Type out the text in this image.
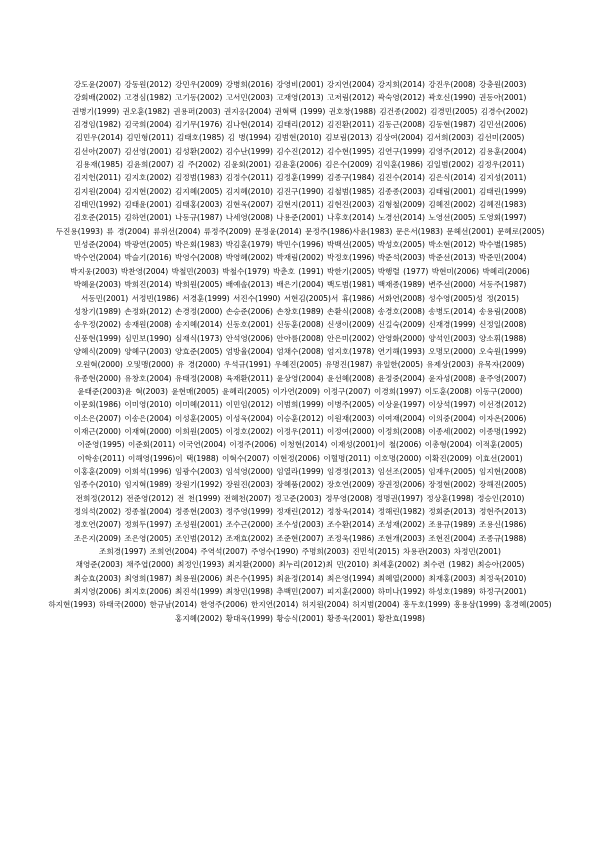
강도윤(2007) 강동원(2012) 강민우(2009) 강병희(2016) 강영비(2001) 강지연(2004) 강지희(2014) 강진우(2008) 강충원(2003)
강회배(2002) 고경심(1982) 고기동(2002) 고서민(2003) 고재영(2013) 고저림(2012) 곽숙영(2012) 곽호신(1990) 권동아(2001)
권병기(1999) 권오훈(1982) 권용퍼(2003) 권지옹(2004) 권혁택 (1999) 권호창(1988) 김건종(2002) 김경민(2005) 김경수(2002)
김경임(1982) 김국희(2004) 김기무(1976) 김나현(2014) 김태리(2012) 김진환(2011) 김동근(2008) 김동현(1987) 김민선(2006)
김민우(2014) 김민형(2011) 김태호(1985) 김 병(1994) 김범현(2010) 김보림(2013) 김상여(2004) 김서희(2003) 김선미(2005)
김선아(2007) 김선영(2001) 김성환(2002) 김수난(1999) 김수진(2012) 김수현(1995) 김연구(1999) 김영주(2012) 김용훈(2004)
김용재(1985) 김윤희(2007) 김 주(2002) 김윤회(2001) 김윤훈(2006) 김은수(2009) 김익훈(1986) 김일범(2002) 김정우(2011)
김지헌(2011) 김지호(2002) 김정범(1983) 김정수(2011) 김정훈(1999) 김종구(1984) 김진수(2014) 김은식(2014) 김지성(2011)
김지원(2004) 김지현(2002) 김지혜(2005) 김지혜(2010) 김진구(1990) 김철범(1985) 김종종(2003) 김태림(2001) 김태린(1999)
김태민(1992) 김태윤(2001) 김태홍(2003) 김현욱(2007) 김현지(2011) 김현진(2003) 김형철(2009) 김혜진(2002) 김혜진(1983)
김호준(2015) 김하연(2001) 나동규(1987) 나세영(2008) 나용준(2001) 나후호(2014) 노경선(2014) 노영선(2005) 도영회(1997)
두진용(1993) 류 경(2004) 류위선(2004) 류정주(2009) 문정윤(2014) 문정주(1986)사윤(1983) 문은서(1983) 문헤선(2001) 문혜로(2005)
민성준(2004) 박광연(2005) 박은회(1983) 박김훈(1979) 박민수(1996) 박백선(2005) 박성호(2005) 박소현(2012) 박수별(1985)
박수연(2004) 박슬기(2016) 박영수(2008) 박영혜(2002) 박재림(2002) 박정호(1996) 박준석(2003) 박준선(2013) 박준민(2004)
박지웅(2003) 박찬영(2004) 박철민(2003) 박철수(1979) 박춘호 (1991) 박한기(2005) 박행렬 (1977) 박현미(2006) 박혜리(2006)
박혜윤(2003) 박희진(2014) 박희원(2005) 배예솔(2013) 배은기(2004) 백도범(1981) 백재종(1989) 변주선(2000) 서동주(1987)
서동민(2001) 서정빈(1986) 서경훈(1999) 서진수(1990) 서현김(2005)서 휴(1986) 서화연(2008) 성수영(2005)성 정(2015)
성창기(1989) 손정화(2012) 손경정(2000) 손승준(2006) 손창호(1989) 손환식(2008) 송경호(2008) 송병도(2014) 송용림(2008)
송우정(2002) 송재원(2008) 송지혜(2014) 신동호(2001) 신동훈(2008) 신생이(2009) 신길숙(2009) 신재경(1999) 신정일(2008)
신풍현(1999) 심민보(1990) 심재식(1973) 안석영(2006) 안아름(2008) 안은미(2002) 안영화(2000) 양석인(2003) 양소휘(1988)
양혜식(2009) 양혜구(2003) 양효준(2005) 엄방율(2004) 엄채수(2008) 엄지호(1978) 연기해(1993) 오명모(2000) 오숙원(1999)
오원혁(2000) 오및맹(2000) 유 경(2000) 우석규(1991) 우혜진(2005) 유명진(1987) 유일한(2005) 유제상(2003) 유목자(2009)
유종현(2000) 유창호(2004) 유태정(2008) 육재환(2011) 윤상영(2004) 윤선혜(2008) 윤정중(2004) 윤자성(2008) 윤주영(2007)
윤태준(2003)윤 혁(2003) 윤현매(2005) 윤혜리(2005) 이가연(2009) 이정구(2007) 이경희(1997) 이도훈(2008) 이동구(2000)
이문회(1986) 이미영(2010) 이미혜(2011) 이민임(2012) 이범희(1999) 이병주(2005) 이상윤(1997) 이상석(1997) 이선경(2012)
이소은(2007) 이송은(2004) 이성훈(2005) 이성욱(2004) 이승훈(2012) 이원재(2003) 이여재(2004) 이의중(2004) 이자온(2006)
이재근(2000) 이재혁(2000) 이희원(2005) 이정호(2002) 이정우(2011) 이정여(2000) 이정희(2008) 이종세(2002) 이종명(1992)
이준영(1995) 이준회(2011) 이국연(2004) 이정주(2006) 이청현(2014) 이재성(2001)이 철(2006) 이총형(2004) 이적훈(2005)
이학송(2011) 이해영(1996)이 택(1988) 이혁수(2007) 이현정(2006) 이혈명(2011) 이호명(2000) 이확진(2009) 이효선(2001)
이홍훈(2009) 이희석(1996) 임광수(2003) 임석영(2000) 임열라(1999) 임경정(2013) 임선조(2005) 임재우(2005) 임지현(2008)
임종수(2010) 임지혁(1989) 장원기(1992) 장원진(2003) 장혜품(2002) 장호연(2009) 장권정(2006) 장정현(2002) 장해진(2005)
전희정(2012) 전준영(2012) 전 천(1999) 전혜천(2007) 정고준(2003) 정무영(2008) 정명권(1997) 정상훈(1998) 정승인(2010)
정의석(2002) 정종철(2004) 정종현(2003) 정주영(1999) 정재린(2012) 정창욱(2014) 정해린(1982) 정회준(2013) 정현주(2013)
정호연(2007) 정희두(1997) 조성원(2001) 조수근(2000) 조수성(2003) 조수환(2014) 조성재(2002) 조용규(1989) 조용신(1986)
조은지(2009) 조은영(2005) 조인범(2012) 조재효(2002) 조준현(2007) 조정욱(1986) 조현개(2003) 조현진(2004) 조종규(1988)
조희경(1997) 조희연(2004) 주역석(2007) 주영수(1990) 주명희(2003) 진민석(2015) 차용관(2003) 차정민(2001)
채영준(2003) 채주엽(2000) 최정인(1993) 최지환(2000) 최누리(2012)최 민(2010) 최세훈(2002) 최수련 (1982) 최승아(2005)
최승효(2003) 최영희(1987) 최용원(2006) 최은수(1995) 최윤정(2014) 최은영(1994) 최혜열(2000) 최재홍(2003) 최정욱(2010)
최지영(2006) 최지호(2006) 최진석(1999) 최창민(1998) 추백민(2007) 피지훈(2000) 하미나(1992) 하성호(1989) 하정구(2001)
하지현(1993) 하태국(2000) 한규남(2014) 한영주(2006) 한지연(2014) 허지원(2004) 허지범(2004) 흥두호(1999) 흥용삼(1999) 홍경혜(2005)
홍지혜(2002) 황대욱(1999) 황승식(2001) 황종욱(2001) 황찬효(1998)
